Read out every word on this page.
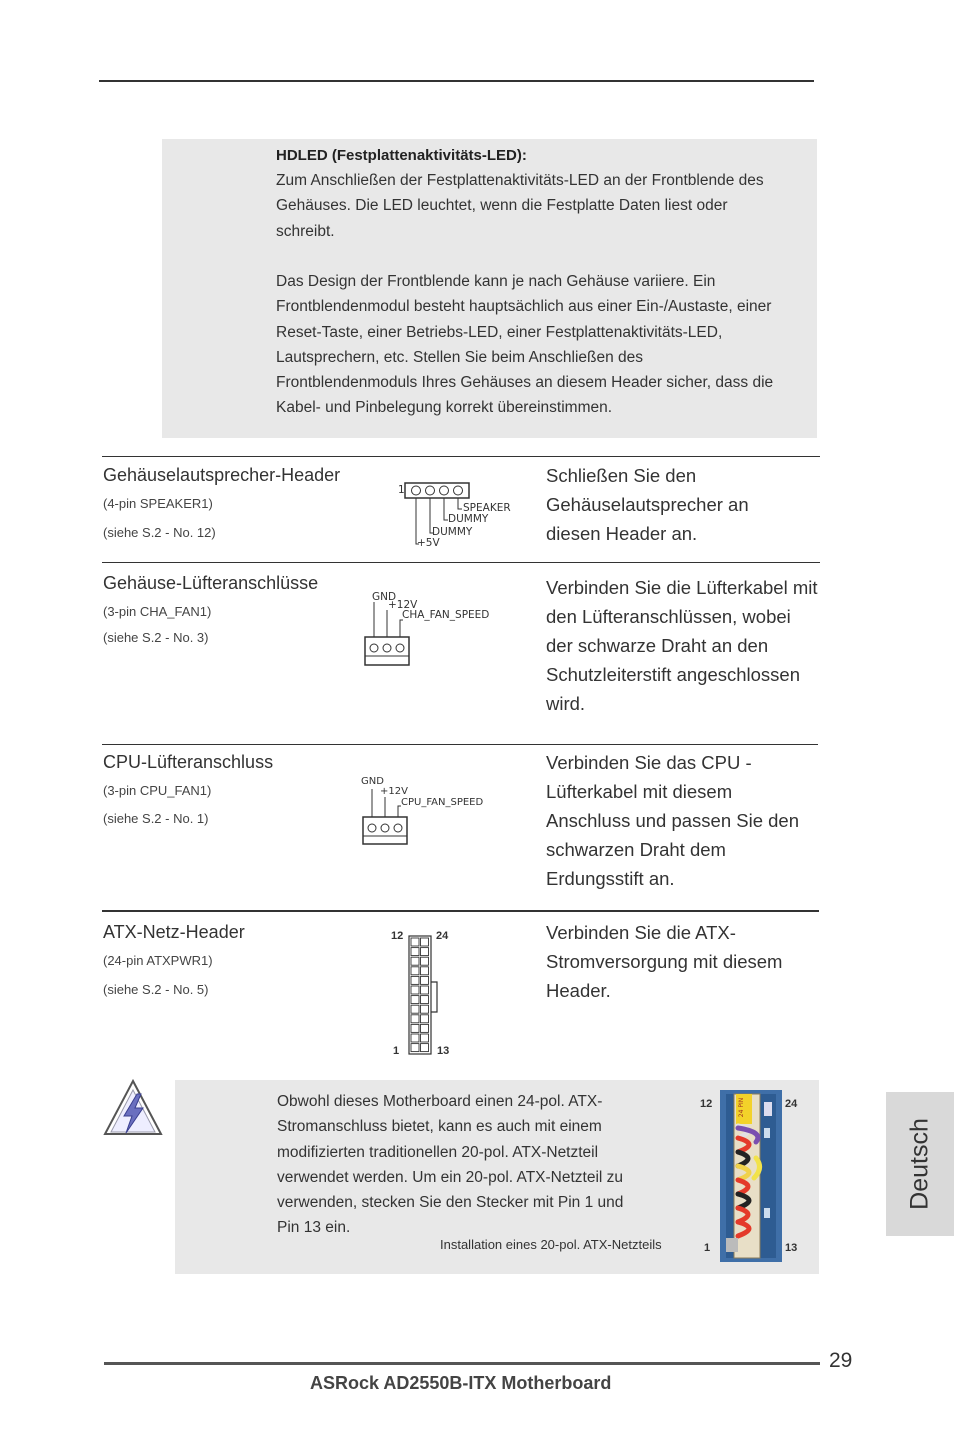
HDLED (Festplattenaktivitäts-LED):

Zum Anschließen der Festplattenaktivitäts-LED an der Frontblende des

Gehäuses. Die LED leuchtet, wenn die Festplatte Daten liest oder

schreibt.

Das Design der Frontblende kann je nach Gehäuse variiere. Ein

Frontblendenmodul besteht hauptsächlich aus einer Ein-/Austaste, einer

Reset-Taste, einer Betriebs-LED, einer Festplattenaktivitäts-LED,

Lautsprechern, etc. Stellen Sie beim Anschließen des

Frontblendenmoduls Ihres Gehäuses an diesem Header sicher, dass die

Kabel- und Pinbelegung korrekt übereinstimmen.

Gehäuselautsprecher-Header
(4-pin SPEAKER1)
(siehe S.2 - No. 12)
Schließen Sie den
Gehäuselautsprecher an
diesen Header an.
1
SPEAKER
DUMMY
DUMMY
+5V
Gehäuse-Lüfteranschlüsse
(3-pin CHA_FAN1)
(siehe S.2 - No. 3)
Verbinden Sie die Lüfterkabel mit
den Lüfteranschlüssen, wobei
der schwarze Draht an den
Schutzleiterstift angeschlossen
wird.
GND
+12V
CHA_FAN_SPEED
CPU-Lüfteranschluss
(3-pin CPU_FAN1)
(siehe S.2 - No. 1)
Verbinden Sie das CPU -
Lüfterkabel mit diesem
Anschluss und passen Sie den
schwarzen Draht dem
Erdungsstift an.
GND
+12V
CPU_FAN_SPEED
ATX-Netz-Header
(24-pin ATXPWR1)
(siehe S.2 - No. 5)
Verbinden Sie die ATX-
Stromversorgung mit diesem
Header.
12	24
1	13

Obwohl dieses Motherboard einen 24-pol. ATX-

Stromanschluss bietet, kann es auch mit einem

modifizierten traditionellen 20-pol. ATX-Netzteil

verwendet werden. Um ein 20-pol. ATX-Netzteil zu

verwenden, stecken Sie den Stecker mit Pin 1 und

Pin 13 ein.

Installation eines 20-pol. ATX-Netzteils
24 PIN
12	24
1	13
Deutsch
29
ASRock AD2550B-ITX Motherboard
